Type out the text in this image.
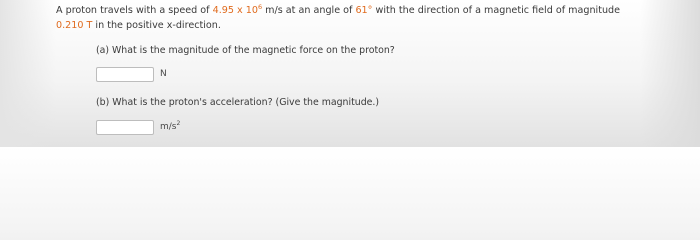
A proton travels with a speed of 4.95 x $10^6$ m/s at an angle of 61° with the direction of a magnetic field of magnitude
0.210 T in the positive x-direction.
(a) What is the magnitude of the magnetic force on the proton?
N
(b) What is the proton's acceleration? (Give the magnitude.)
$m/s^2$
